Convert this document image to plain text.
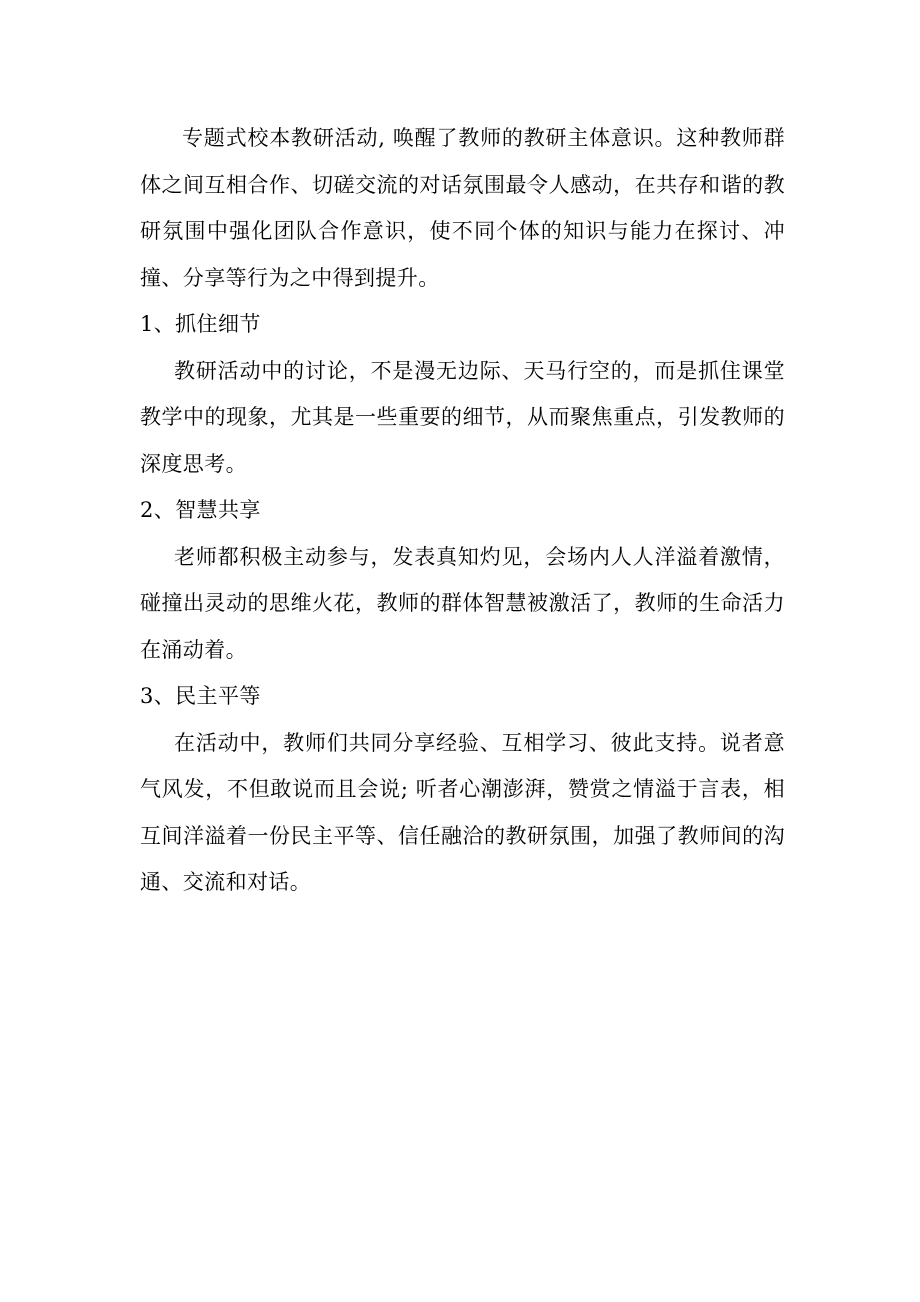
专题式校本教研活动, 唤醒了教师的教研主体意识。这种教师群体之间互相合作、切磋交流的对话氛围最令人感动，在共存和谐的教研氛围中强化团队合作意识，使不同个体的知识与能力在探讨、冲撞、分享等行为之中得到提升。

1、抓住细节

教研活动中的讨论，不是漫无边际、天马行空的，而是抓住课堂教学中的现象，尤其是一些重要的细节，从而聚焦重点，引发教师的深度思考。

2、智慧共享

老师都积极主动参与，发表真知灼见，会场内人人洋溢着激情，碰撞出灵动的思维火花，教师的群体智慧被激活了，教师的生命活力在涌动着。

3、民主平等

在活动中，教师们共同分享经验、互相学习、彼此支持。说者意气风发，不但敢说而且会说; 听者心潮澎湃，赞赏之情溢于言表，相互间洋溢着一份民主平等、信任融洽的教研氛围，加强了教师间的沟通、交流和对话。
